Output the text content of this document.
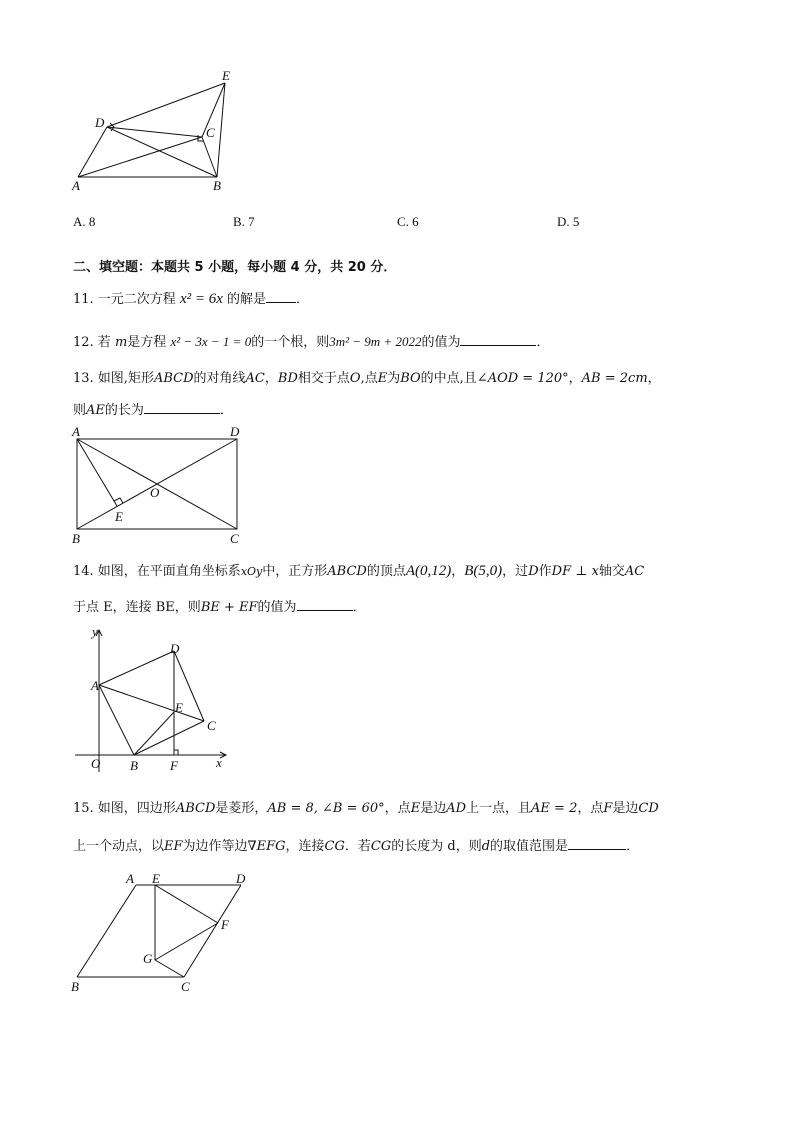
E
D
C
A	B
A. 8	B. 7	C. 6	D. 5
二、填空题：本题共 5 小题，每小题 4 分，共 20 分．
11. 一元二次方程 x² = 6x 的解是 ．
12. 若 m是方程 x² − 3x − 1 = 0的一个根，则3m² − 9m + 2022的值为	．
13. 如图,矩形ABCD的对角线AC，BD相交于点O,点E为BO的中点,且∠AOD = 120°，AB = 2cm，
则AE的长为	．
A	D
O
E
B	C
14. 如图，在平面直角坐标系xOy中，正方形ABCD的顶点A(0,12)，B(5,0)，过D作DF ⊥ x轴交AC
于点 E，连接 BE，则BE + EF的值为	．
y
D
A
E
C
O B F	x
15. 如图，四边形ABCD是菱形，AB = 8, ∠B = 60°，点E是边AD上一点，且AE = 2，点F是边CD
上一个动点，以EF为边作等边∇EFG，连接CG．若CG的长度为 d，则d的取值范围是	．
A E	D
F
G
B	C
